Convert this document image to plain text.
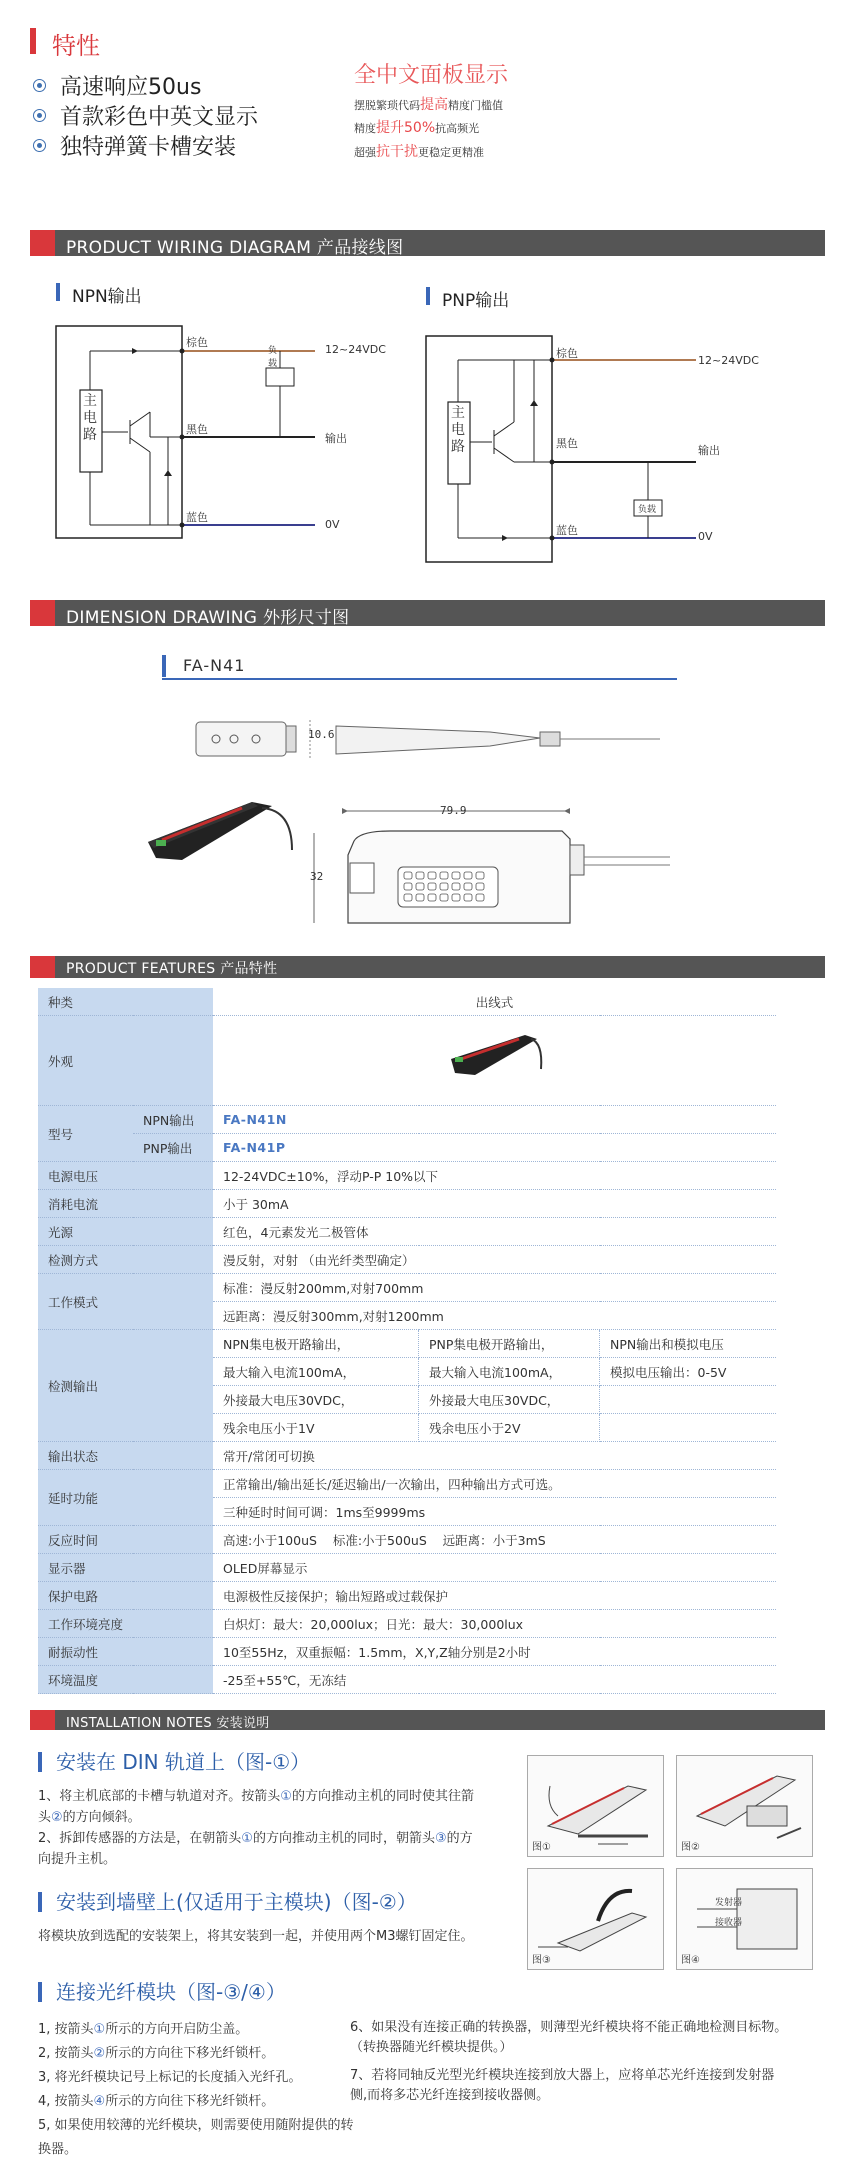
特性
高速响应50us
首款彩色中英文显示
独特弹簧卡槽安装
全中文面板显示
摆脱繁琐代码提高精度门槛值
精度提升50%抗高频光
超强抗干扰更稳定更精准
PRODUCT WIRING DIAGRAM 产品接线图
NPN输出	PNP输出
主电路
棕色
黑色
蓝色
负载
12~24VDC
输出
0V
主电路
棕色
黑色
蓝色
负载
12~24VDC
输出
0V
DIMENSION DRAWING 外形尺寸图
FA-N41
10.6
79.9
32
PRODUCT FEATURES 产品特性
种类		出线式		
外观	
型号	NPN输出	FA-N41N		
	PNP输出	FA-N41P		
电源电压		12-24VDC±10%，浮动P-P 10%以下		
消耗电流		小于 30mA		
光源		红色，4元素发光二极管体		
检测方式		漫反射，对射 （由光纤类型确定）		
工作模式		标准：漫反射200mm,对射700mm		
		远距离：漫反射300mm,对射1200mm		
检测输出		NPN集电极开路输出，	PNP集电极开路输出，	NPN输出和模拟电压
		最大输入电流100mA，	最大输入电流100mA，	模拟电压输出：0-5V
		外接最大电压30VDC，	外接最大电压30VDC，	
		残余电压小于1V	残余电压小于2V	
输出状态		常开/常闭可切换		
延时功能		正常输出/输出延长/延迟输出/一次输出，四种输出方式可选。		
		三种延时时间可调：1ms至9999ms		
反应时间		高速:小于100uS    标准:小于500uS    远距离：小于3mS		
显示器		OLED屏幕显示		
保护电路		电源极性反接保护；输出短路或过载保护		
工作环境亮度		白炽灯：最大：20,000lux；日光：最大：30,000lux		
耐振动性		10至55Hz，双重振幅：1.5mm，X,Y,Z轴分别是2小时		
环境温度		-25至+55℃，无冻结		
INSTALLATION NOTES 安装说明
安装在 DIN 轨道上（图-①）
1、将主机底部的卡槽与轨道对齐。按箭头①的方向推动主机的同时使其往箭
头②的方向倾斜。
2、拆卸传感器的方法是，在朝箭头①的方向推动主机的同时，朝箭头③的方
向提升主机。
安装到墙壁上(仅适用于主模块)（图-②）
将模块放到选配的安装架上，将其安装到一起，并使用两个M3螺钉固定住。
连接光纤模块（图-③/④）
1, 按箭头①所示的方向开启防尘盖。
2, 按箭头②所示的方向往下移光纤锁杆。
3, 将光纤模块记号上标记的长度插入光纤孔。
4, 按箭头④所示的方向往下移光纤锁杆。
5, 如果使用较薄的光纤模块，则需要使用随附提供的转换器。
6、如果没有连接正确的转换器，则薄型光纤模块将不能正确地检测目标物。
（转换器随光纤模块提供。）
7、若将同轴反光型光纤模块连接到放大器上，应将单芯光纤连接到发射器
侧,而将多芯光纤连接到接收器侧。
图①	图②
图③	图④
发射器
接收器
